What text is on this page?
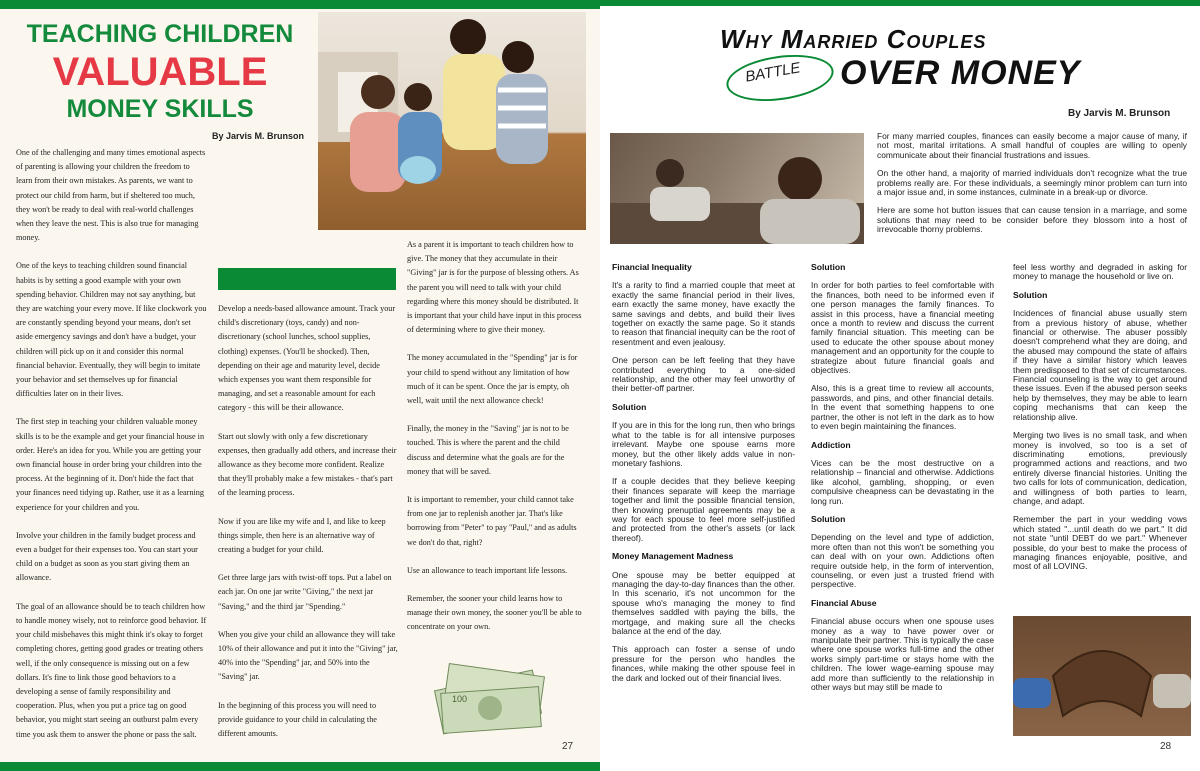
TEACHING CHILDREN
VALUABLE
MONEY SKILLS
By Jarvis M. Brunson

One of the challenging and many times emotional aspects of parenting is allowing your children the freedom to learn from their own mistakes. As parents, we want to protect our child from harm, but if sheltered too much, they won't be ready to deal with real-world challenges when they leave the nest. This is also true for managing money.

One of the keys to teaching children sound financial habits is by setting a good example with your own spending behavior. Children may not say anything, but they are watching your every move. If like clockwork you are constantly spending beyond your means, don't set aside emergency savings and don't have a budget, your children will pick up on it and consider this normal financial behavior. Eventually, they will begin to imitate your behavior and set themselves up for financial difficulties later on in their lives.

The first step in teaching your children valuable money skills is to be the example and get your financial house in order. Here's an idea for you. While you are getting your own financial house in order bring your children into the process. At the beginning of it. Don't hide the fact that your finances need tidying up. Rather, use it as a learning experience for your children and you.

Involve your children in the family budget process and even a budget for their expenses too. You can start your child on a budget as soon as you start giving them an allowance.

The goal of an allowance should be to teach children how to handle money wisely, not to reinforce good behavior. If your child misbehaves this might think it's okay to forget completing chores, getting good grades or treating others well, if the only consequence is missing out on a few dollars. It's fine to link those good behaviors to a developing a sense of family responsibility and cooperation. Plus, when you put a price tag on good behavior, you might start seeing an outburst palm every time you ask them to answer the phone or pass the salt.

Develop a needs-based allowance amount. Track your child's discretionary (toys, candy) and non-discretionary (school lunches, school supplies, clothing) expenses. (You'll be shocked). Then, depending on their age and maturity level, decide which expenses you want them responsible for managing, and set a reasonable amount for each category - this will be their allowance.

Start out slowly with only a few discretionary expenses, then gradually add others, and increase their allowance as they become more confident. Realize that they'll probably make a few mistakes - that's part of the learning process.

Now if you are like my wife and I, and like to keep things simple, then here is an alternative way of creating a budget for your child.

Get three large jars with twist-off tops. Put a label on each jar. On one jar write "Giving," the next jar "Saving," and the third jar "Spending."

When you give your child an allowance they will take 10% of their allowance and put it into the "Giving" jar, 40% into the "Spending" jar, and 50% into the "Saving" jar.

In the beginning of this process you will need to provide guidance to your child in calculating the different amounts.

As a parent it is important to teach children how to give. The money that they accumulate in their "Giving" jar is for the purpose of blessing others. As the parent you will need to talk with your child regarding where this money should be distributed. It is important that your child have input in this process of determining where to give their money.

The money accumulated in the "Spending" jar is for your child to spend without any limitation of how much of it can be spent. Once the jar is empty, oh well, wait until the next allowance check!

Finally, the money in the "Saving" jar is not to be touched. This is where the parent and the child discuss and determine what the goals are for the money that will be saved.

It is important to remember, your child cannot take from one jar to replenish another jar. That's like borrowing from "Peter" to pay "Paul," and as adults we don't do that, right?

Use an allowance to teach important life lessons.

Remember, the sooner your child learns how to manage their own money, the sooner you'll be able to concentrate on your own.

100
27
Why Married Couples
BATTLE OVER MONEY
By Jarvis M. Brunson

For many married couples, finances can easily become a major cause of many, if not most, marital irritations. A small handful of couples are willing to openly communicate about their financial frustrations and issues.

On the other hand, a majority of married individuals don't recognize what the true problems really are. For these individuals, a seemingly minor problem can turn into a major issue and, in some instances, culminate in a break-up or divorce.

Here are some hot button issues that can cause tension in a marriage, and some solutions that may need to be consider before they blossom into a host of irrevocable thorny problems.

Financial Inequality

It's a rarity to find a married couple that meet at exactly the same financial period in their lives, earn exactly the same money, have exactly the same savings and debts, and build their lives together on exactly the same page. So it stands to reason that financial inequity can be the root of resentment and even jealousy.

One person can be left feeling that they have contributed everything to a one-sided relationship, and the other may feel unworthy of their better-off partner.

Solution

If you are in this for the long run, then who brings what to the table is for all intensive purposes irrelevant. Maybe one spouse earns more money, but the other likely adds value in non-monetary fashions.

If a couple decides that they believe keeping their finances separate will keep the marriage together and limit the possible financial tension, then knowing prenuptial agreements may be a way for each spouse to feel more self-justified and protected from the other's assets (or lack thereof).

Money Management Madness

One spouse may be better equipped at managing the day-to-day finances than the other. In this scenario, it's not uncommon for the spouse who's managing the money to find themselves saddled with paying the bills, the mortgage, and making sure all the checks balance at the end of the day.

This approach can foster a sense of undo pressure for the person who handles the finances, while making the other spouse feel in the dark and locked out of their financial lives.

Solution

In order for both parties to feel comfortable with the finances, both need to be informed even if one person manages the family finances. To assist in this process, have a financial meeting once a month to review and discuss the current family financial situation. This meeting can be used to educate the other spouse about money management and an opportunity for the couple to strategize about future financial goals and objectives.

Also, this is a great time to review all accounts, passwords, and pins, and other financial details. In the event that something happens to one partner, the other is not left in the dark as to how to even begin maintaining the finances.

Addiction

Vices can be the most destructive on a relationship – financial and otherwise. Addictions like alcohol, gambling, shopping, or even compulsive cheapness can be devastating in the long run.

Solution

Depending on the level and type of addiction, more often than not this won't be something you can deal with on your own. Addictions often require outside help, in the form of intervention, counseling, or even just a trusted friend with perspective.

Financial Abuse

Financial abuse occurs when one spouse uses money as a way to have power over or manipulate their partner. This is typically the case where one spouse works full-time and the other works simply part-time or stays home with the children. The lower wage-earning spouse may add more than sufficiently to the relationship in other ways but may still be made to

feel less worthy and degraded in asking for money to manage the household or live on.

Solution

Incidences of financial abuse usually stem from a previous history of abuse, whether financial or otherwise. The abuser possibly doesn't comprehend what they are doing, and the abused may compound the state of affairs if they have a similar history which leaves them predisposed to that set of circumstances. Financial counseling is the way to get around these issues. Even if the abused person seeks help by themselves, they may be able to learn coping mechanisms that can keep the relationship alive.

Merging two lives is no small task, and when money is involved, so too is a set of discriminating emotions, previously programmed actions and reactions, and two entirely diverse financial histories. Uniting the two calls for lots of communication, dedication, and willingness of both parties to learn, change, and adapt.

Remember the part in your wedding vows which stated "...until death do we part." It did not state "until DEBT do we part." Whenever possible, do your best to make the process of managing finances enjoyable, positive, and most of all LOVING.

28
